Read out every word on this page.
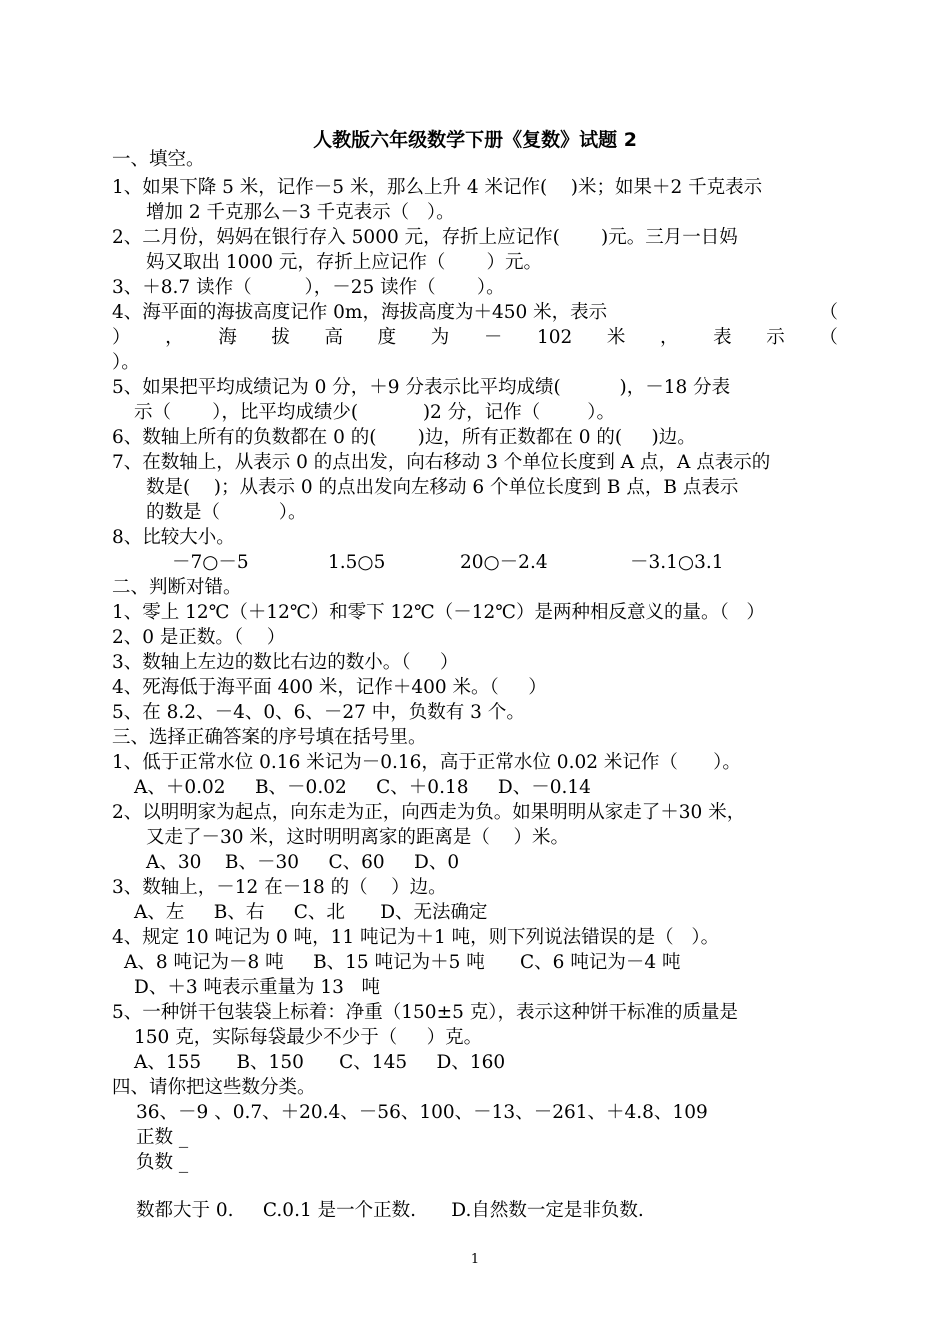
人教版六年级数学下册《复数》试题 2
一、填空。
1、如果下降 5 米，记作－5 米，那么上升 4 米记作(    )米；如果＋2 千克表示
增加 2 千克那么－3 千克表示（   ）。
2、二月份，妈妈在银行存入 5000 元，存折上应记作(       )元。三月一日妈
妈又取出 1000 元，存折上应记作（       ）元。
3、＋8.7 读作（         ），－25 读作（       ）。
4、海平面的海拔高度记作 0m，海拔高度为＋450 米，表示	（
） ， 海 拔 高 度 为 － 102 米 ， 表 示 （
）。
5、如果把平均成绩记为 0 分，＋9 分表示比平均成绩(          )，－18 分表
示（       ），比平均成绩少(           )2 分，记作（        ）。
6、数轴上所有的负数都在 0 的(       )边，所有正数都在 0 的(     )边。
7、在数轴上，从表示 0 的点出发，向右移动 3 个单位长度到 A 点，A 点表示的
数是(    )；从表示 0 的点出发向左移动 6 个单位长度到 B 点，B 点表示
的数是（          ）。
8、比较大小。
－7○－5	1.5○5	20○－2.4	－3.1○3.1
二、判断对错。
1、零上 12℃（＋12℃）和零下 12℃（－12℃）是两种相反意义的量。（   ）
2、0 是正数。（    ）
3、数轴上左边的数比右边的数小。（     ）
4、死海低于海平面 400 米，记作＋400 米。（     ）
5、在 8.2、－4、0、6、－27 中，负数有 3 个。
三、选择正确答案的序号填在括号里。
1、低于正常水位 0.16 米记为－0.16，高于正常水位 0.02 米记作（      ）。
A、＋0.02     B、－0.02     C、＋0.18     D、－0.14
2、以明明家为起点，向东走为正，向西走为负。如果明明从家走了＋30 米，
又走了－30 米，这时明明离家的距离是（    ）米。
A、30    B、－30     C、60     D、0
3、数轴上，－12 在－18 的（    ）边。
A、左     B、右     C、北      D、无法确定
4、规定 10 吨记为 0 吨，11 吨记为＋1 吨，则下列说法错误的是（   ）。
A、8 吨记为－8 吨     B、15 吨记为＋5 吨      C、6 吨记为－4 吨
D、＋3 吨表示重量为 13   吨
5、一种饼干包装袋上标着：净重（150±5 克），表示这种饼干标准的质量是
150 克，实际每袋最少不少于（     ）克。
A、155      B、150      C、145     D、160
四、请你把这些数分类。
36、－9 、0.7、＋20.4、－56、100、－13、－261、＋4.8、109
正数 _
负数 _
数都大于 0.     C.0.1 是一个正数.      D.自然数一定是非负数.
1
